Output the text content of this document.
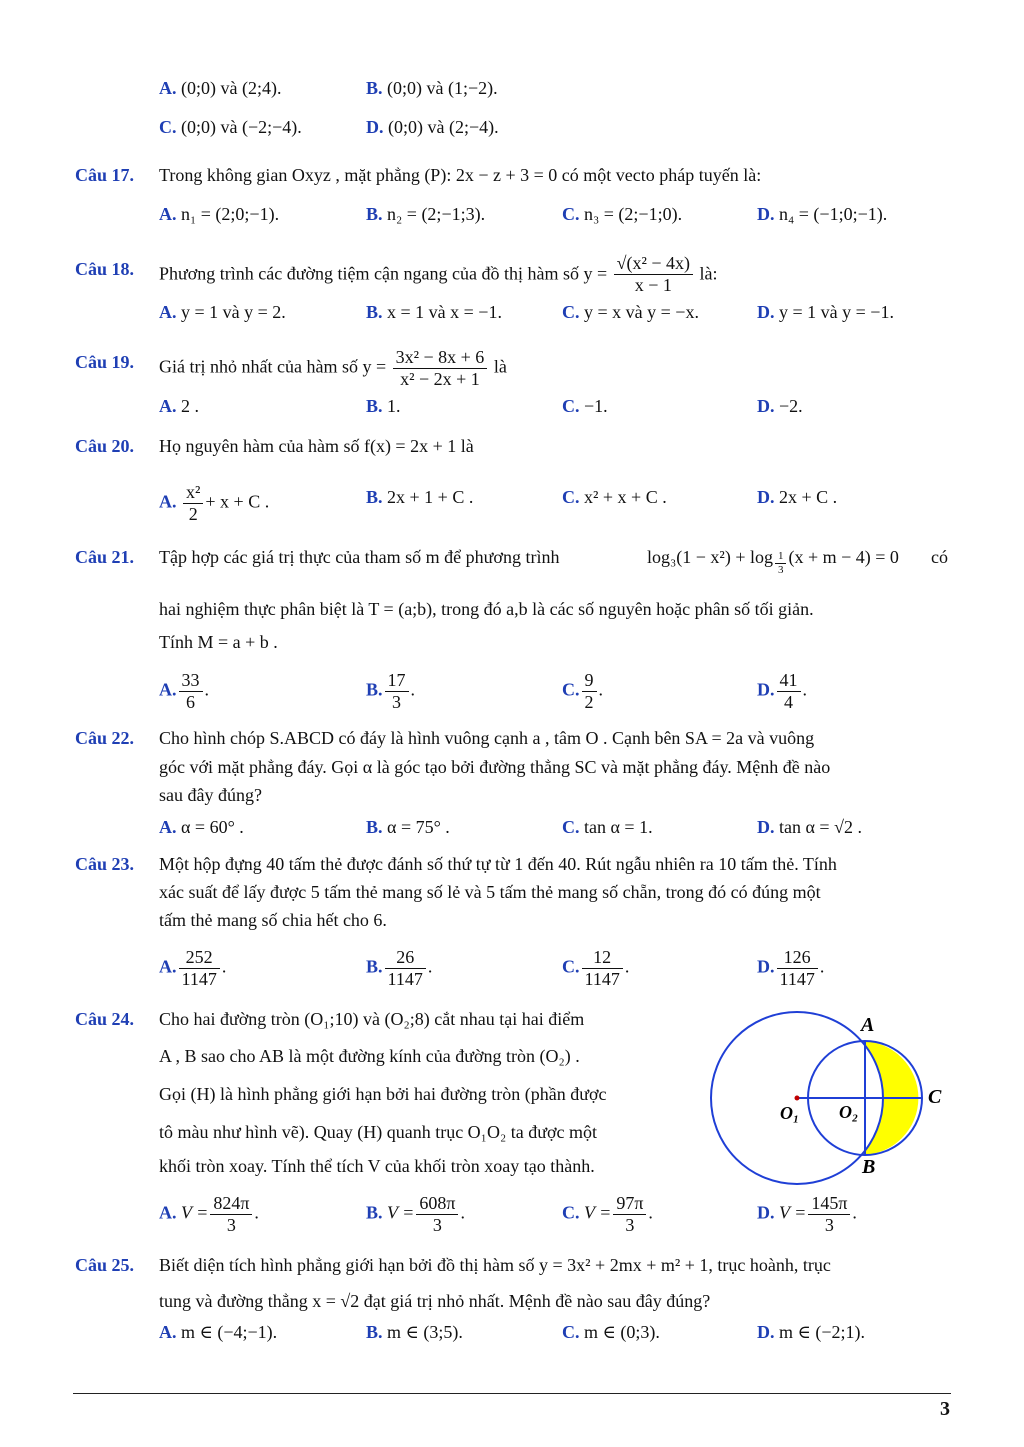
A. (0;0) và (2;4).	B. (0;0) và (1;−2).
C. (0;0) và (−2;−4).	D. (0;0) và (2;−4).
Câu 17. Trong không gian Oxyz , mặt phẳng (P): 2x − z + 3 = 0 có một vecto pháp tuyến là:
A. n₁ = (2;0;−1).	B. n₂ = (2;−1;3).	C. n₃ = (2;−1;0).	D. n₄ = (−1;0;−1).
Câu 18. Phương trình các đường tiệm cận ngang của đồ thị hàm số $y = \frac{\text{√(x² − 4x)}}{x - 1}$ là:
A. y = 1 và y = 2.	B. x = 1 và x = −1.	C. y = x và y = −x.	D. y = 1 và y = −1.
Câu 19. Giá trị nhỏ nhất của hàm số $y = \frac{\text{3x² − 8x + 6}}{\text{x² − 2x + 1}}$ là
A. 2 .	B. 1.	C. −1.	D. −2.
Câu 20. Họ nguyên hàm của hàm số f(x) = 2x + 1 là
A. $\frac{\text{x²}}{2} + x + C$ .	B. 2x + 1 + C .	C. x² + x + C .	D. 2x + C .
Câu 21. Tập hợp các giá trị thực của tham số m để phương trình	$\log_3(1 - x^2) + \log \frac{1}{3} (x + m - 4) = 0$ có
hai nghiệm thực phân biệt là T = (a;b), trong đó a,b là các số nguyên hoặc phân số tối giản.
Tính M = a + b .
A. $\frac{33}{6}$ .	B. $\frac{17}{3}$ .	C. $\frac{9}{2}$ .	D. $\frac{41}{4}$ .
Câu 22. Cho hình chóp S.ABCD có đáy là hình vuông cạnh a , tâm O . Cạnh bên SA = 2a và vuông
góc với mặt phẳng đáy. Gọi α là góc tạo bởi đường thẳng SC và mặt phẳng đáy. Mệnh đề nào
sau đây đúng?
A. α = 60° .	B. α = 75° .	C. tan α = 1.	D. tan α = √2 .
Câu 23. Một hộp đựng 40 tấm thẻ được đánh số thứ tự từ 1 đến 40. Rút ngẫu nhiên ra 10 tấm thẻ. Tính
xác suất để lấy được 5 tấm thẻ mang số lẻ và 5 tấm thẻ mang số chẵn, trong đó có đúng một
tấm thẻ mang số chia hết cho 6.
A. $\frac{252}{1147}$ .	B. $\frac{26}{1147}$ .	C. $\frac{12}{1147}$ .	D. $\frac{126}{1147}$ .
Câu 24. Cho hai đường tròn (O₁;10) và (O₂;8) cắt nhau tại hai điểm
A , B sao cho AB là một đường kính của đường tròn (O₂) .
Gọi (H) là hình phẳng giới hạn bởi hai đường tròn (phần được
tô màu như hình vẽ). Quay (H) quanh trục O₁O₂ ta được một
khối tròn xoay. Tính thể tích V của khối tròn xoay tạo thành.
A
B
C
O₁ O₂
A. $V = \frac{824\pi}{3}$ .	B. $V = \frac{608\pi}{3}$ .	C. $V = \frac{97\pi}{3}$ .	D. $V = \frac{145\pi}{3}$ .
Câu 25. Biết diện tích hình phẳng giới hạn bởi đồ thị hàm số y = 3x² + 2mx + m² + 1, trục hoành, trục
tung và đường thẳng x = √2 đạt giá trị nhỏ nhất. Mệnh đề nào sau đây đúng?
A. m ∈ (−4;−1).	B. m ∈ (3;5).	C. m ∈ (0;3).	D. m ∈ (−2;1).
3
